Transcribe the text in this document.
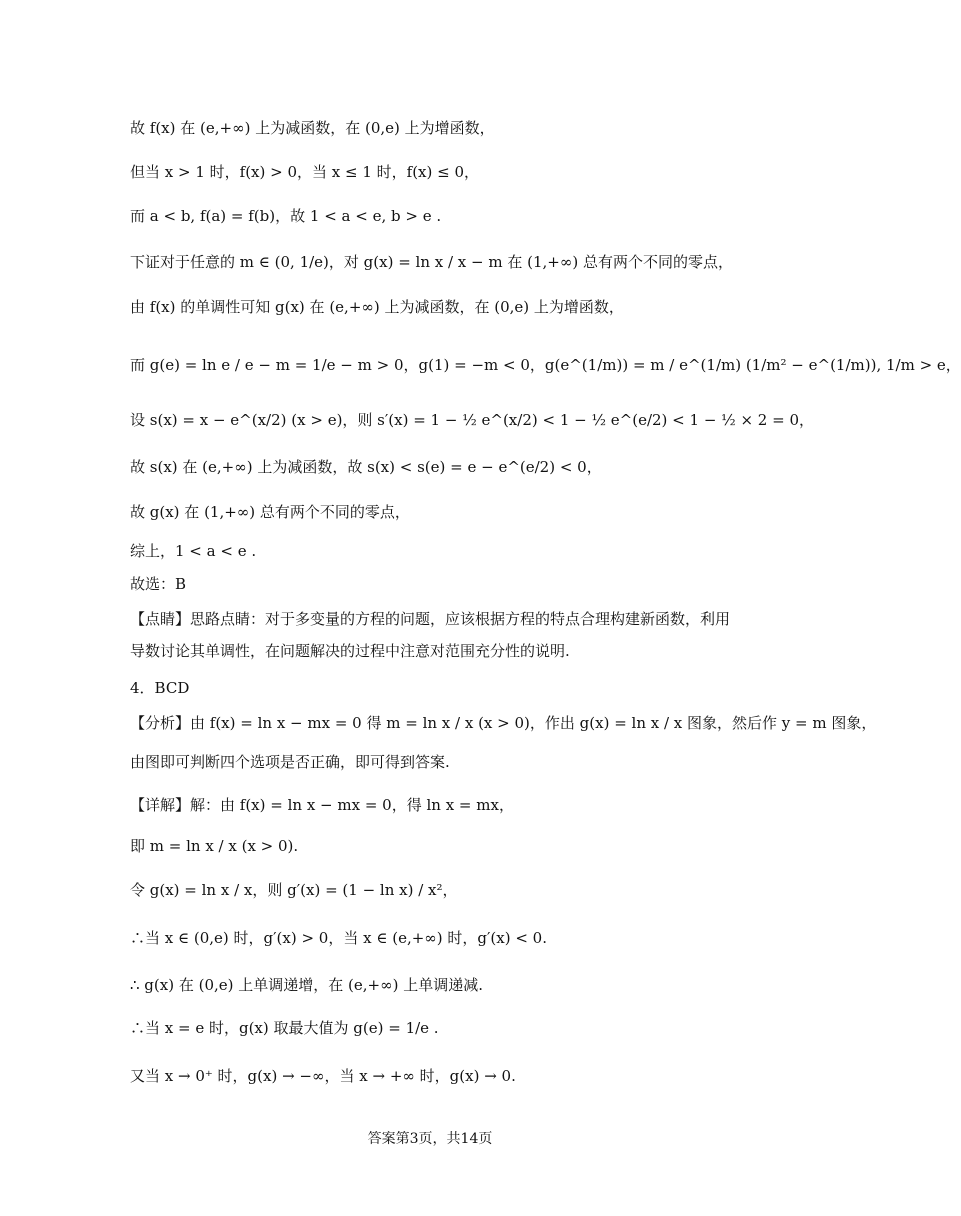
故 f(x) 在 (e,+∞) 上为减函数，在 (0,e) 上为增函数，
但当 x > 1 时，f(x) > 0，当 x ≤ 1 时，f(x) ≤ 0，
而 a < b, f(a) = f(b)，故 1 < a < e, b > e .
下证对于任意的 m ∈ (0, 1/e)，对 g(x) = ln x / x − m 在 (1,+∞) 总有两个不同的零点，
由 f(x) 的单调性可知 g(x) 在 (e,+∞) 上为减函数，在 (0,e) 上为增函数，
而 g(e) = ln e / e − m = 1/e − m > 0，g(1) = −m < 0，g(e^(1/m)) = m / e^(1/m) (1/m² − e^(1/m)), 1/m > e，
设 s(x) = x − e^(x/2) (x > e)，则 s′(x) = 1 − ½ e^(x/2) < 1 − ½ e^(e/2) < 1 − ½ × 2 = 0，
故 s(x) 在 (e,+∞) 上为减函数，故 s(x) < s(e) = e − e^(e/2) < 0，
故 g(x) 在 (1,+∞) 总有两个不同的零点，
综上，1 < a < e .
故选：B
【点睛】思路点睛：对于多变量的方程的问题，应该根据方程的特点合理构建新函数，利用
导数讨论其单调性，在问题解决的过程中注意对范围充分性的说明.
4．BCD
【分析】由 f(x) = ln x − mx = 0 得 m = ln x / x (x > 0)，作出 g(x) = ln x / x 图象，然后作 y = m 图象，
由图即可判断四个选项是否正确，即可得到答案.
【详解】解：由 f(x) = ln x − mx = 0，得 ln x = mx，
即 m = ln x / x (x > 0).
令 g(x) = ln x / x，则 g′(x) = (1 − ln x) / x²，
∴当 x ∈ (0,e) 时，g′(x) > 0，当 x ∈ (e,+∞) 时，g′(x) < 0.
∴ g(x) 在 (0,e) 上单调递增，在 (e,+∞) 上单调递减.
∴当 x = e 时，g(x) 取最大值为 g(e) = 1/e .
又当 x → 0⁺ 时，g(x) → −∞，当 x → +∞ 时，g(x) → 0.
答案第3页，共14页
